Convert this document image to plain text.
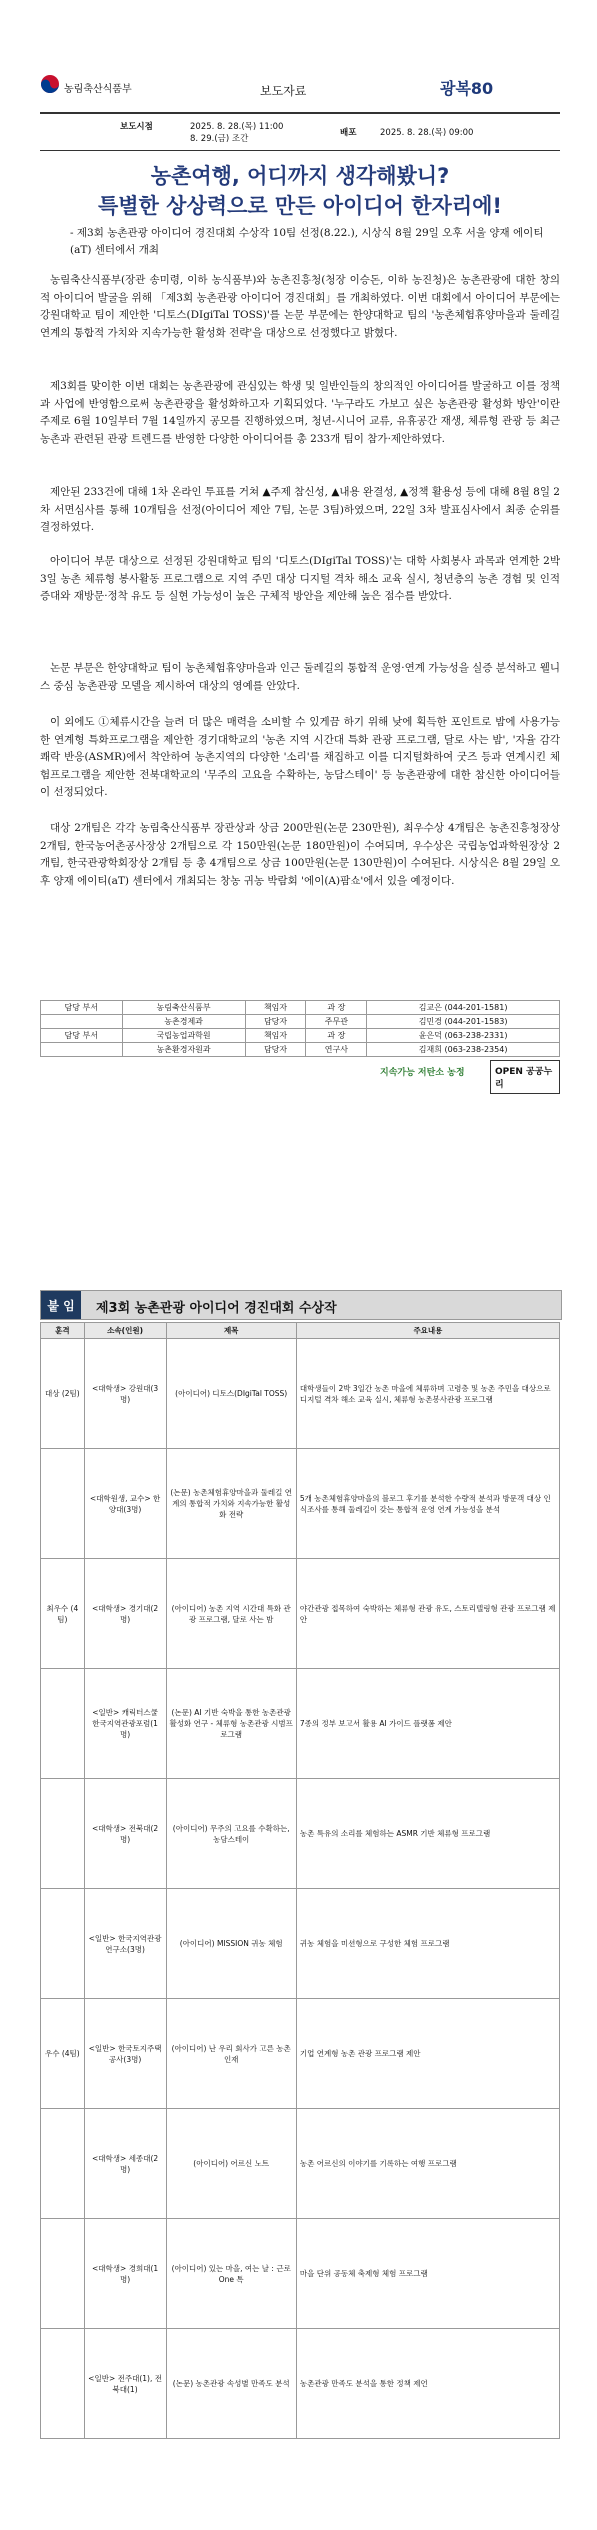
농림축산식품부	보도자료	광복80
보도시점	2025. 8. 28.(목) 11:00
8. 29.(금) 조간
배포	2025. 8. 28.(목) 09:00
농촌여행, 어디까지 생각해봤니?
특별한 상상력으로 만든 아이디어 한자리에!
- 제3회 농촌관광 아이디어 경진대회 수상작 10팀 선정(8.22.), 시상식 8월 29일 오후 서울 양재 에이티(aT) 센터에서 개최
농림축산식품부(장관 송미령, 이하 농식품부)와 농촌진흥청(청장 이승돈, 이하 농진청)은 농촌관광에 대한 창의적 아이디어 발굴을 위해 「제3회 농촌관광 아이디어 경진대회」를 개최하였다. 이번 대회에서 아이디어 부문에는 강원대학교 팀이 제안한 '디토스(DIgiTal TOSS)'를 논문 부문에는 한양대학교 팀의 '농촌체험휴양마을과 둘레길 연계의 통합적 가치와 지속가능한 활성화 전략'을 대상으로 선정했다고 밝혔다.
제3회를 맞이한 이번 대회는 농촌관광에 관심있는 학생 및 일반인들의 창의적인 아이디어를 발굴하고 이를 정책과 사업에 반영함으로써 농촌관광을 활성화하고자 기획되었다. '누구라도 가보고 싶은 농촌관광 활성화 방안'이란 주제로 6월 10일부터 7월 14일까지 공모를 진행하였으며, 청년-시니어 교류, 유휴공간 재생, 체류형 관광 등 최근 농촌과 관련된 관광 트렌드를 반영한 다양한 아이디어를 총 233개 팀이 참가·제안하였다.
제안된 233건에 대해 1차 온라인 투표를 거쳐 ▲주제 참신성, ▲내용 완결성, ▲정책 활용성 등에 대해 8월 8일 2차 서면심사를 통해 10개팀을 선정(아이디어 제안 7팀, 논문 3팀)하였으며, 22일 3차 발표심사에서 최종 순위를 결정하였다.
아이디어 부문 대상으로 선정된 강원대학교 팀의 '디토스(DIgiTal TOSS)'는 대학 사회봉사 과목과 연계한 2박 3일 농촌 체류형 봉사활동 프로그램으로 지역 주민 대상 디지털 격차 해소 교육 실시, 청년층의 농촌 경험 및 인적 증대와 재방문·정착 유도 등 실현 가능성이 높은 구체적 방안을 제안해 높은 점수를 받았다.
논문 부문은 한양대학교 팀이 농촌체험휴양마을과 인근 둘레길의 통합적 운영·연계 가능성을 실증 분석하고 웰니스 중심 농촌관광 모델을 제시하여 대상의 영예를 안았다.
이 외에도 ①체류시간을 늘려 더 많은 매력을 소비할 수 있게끔 하기 위해 낮에 획득한 포인트로 밤에 사용가능한 연계형 특화프로그램을 제안한 경기대학교의 '농촌 지역 시간대 특화 관광 프로그램, 달로 사는 밤', '자율 감각 쾌락 반응(ASMR)에서 착안하여 농촌지역의 다양한 '소리'를 채집하고 이를 디지털화하여 굿즈 등과 연계시킨 체험프로그램을 제안한 전북대학교의 '무주의 고요을 수확하는, 농담스테이' 등 농촌관광에 대한 참신한 아이디어들이 선정되었다.
대상 2개팀은 각각 농림축산식품부 장관상과 상금 200만원(논문 230만원), 최우수상 4개팀은 농촌진흥청장상 2개팀, 한국농어촌공사장상 2개팀으로 각 150만원(논문 180만원)이 수여되며, 우수상은 국립농업과학원장상 2개팀, 한국관광학회장상 2개팀 등 총 4개팀으로 상금 100만원(논문 130만원)이 수여된다. 시상식은 8월 29일 오후 양재 에이티(aT) 센터에서 개최되는 창농 귀농 박람회 '에이(A)팜쇼'에서 있을 예정이다.
담당 부서	농림축산식품부	책임자	과 장	김교은 (044-201-1581)
	농촌경제과	담당자	주무관	김민경 (044-201-1583)
담당 부서	국립농업과학원	책임자	과 장	윤은덕 (063-238-2331)
	농촌환경자원과	담당자	연구사	김재희 (063-238-2354)
지속가능 저탄소 농정	OPEN 공공누리
붙 임	제3회 농촌관광 아이디어 경진대회 수상작
훈격	소속(인원)	제목	주요내용
대상 (2팀)	<대학생> 강원대(3명)	(아이디어) 디토스(DIgiTal TOSS)	대학생들이 2박 3일간 농촌 마을에 체류하며 고령층 및 농촌 주민을 대상으로 디지털 격차 해소 교육 실시, 체류형 농촌봉사관광 프로그램
	<대학원생, 교수> 한양대(3명)	(논문) 농촌체험휴양마을과 둘레길 연계의 통합적 가치와 지속가능한 활성화 전략	5개 농촌체험휴양마을의 블로그 후기를 분석한 수량적 분석과 방문객 대상 인식조사를 통해 둘레길이 갖는 통합적 운영 연계 가능성을 분석
최우수 (4팀)	<대학생> 경기대(2명)	(아이디어) 농촌 지역 시간대 특화 관광 프로그램, 달로 사는 밤	야간관광 접목하여 숙박하는 체류형 관광 유도, 스토리텔링형 관광 프로그램 제안
	<일반> 캐릭터스쿨 한국지역관광포럼(1명)	(논문) AI 기반 숙박을 통한 농촌관광 활성화 연구 - 체류형 농촌관광 시범프로그램	7종의 정부 보고서 활용 AI 가이드 플랫폼 제안
	<대학생> 전북대(2명)	(아이디어) 무주의 고요를 수확하는, 농담스테이	농촌 특유의 소리를 체험하는 ASMR 기반 체류형 프로그램
	<일반> 한국지역관광연구소(3명)	(아이디어) MISSION 귀농 체험	귀농 체험을 미션형으로 구성한 체험 프로그램
우수 (4팀)	<일반> 한국토지주택공사(3명)	(아이디어) 난 우리 회사가 고른 농촌인재	기업 연계형 농촌 관광 프로그램 제안
	<대학생> 세종대(2명)	(아이디어) 어르신 노트	농촌 어르신의 이야기를 기록하는 여행 프로그램
	<대학생> 경희대(1명)	(아이디어) 있는 마을, 여는 날 : 근로 One 톡	마을 단위 공동체 축제형 체험 프로그램
	<일반> 전주대(1), 전북대(1)	(논문) 농촌관광 속성별 만족도 분석	농촌관광 만족도 분석을 통한 정책 제언
